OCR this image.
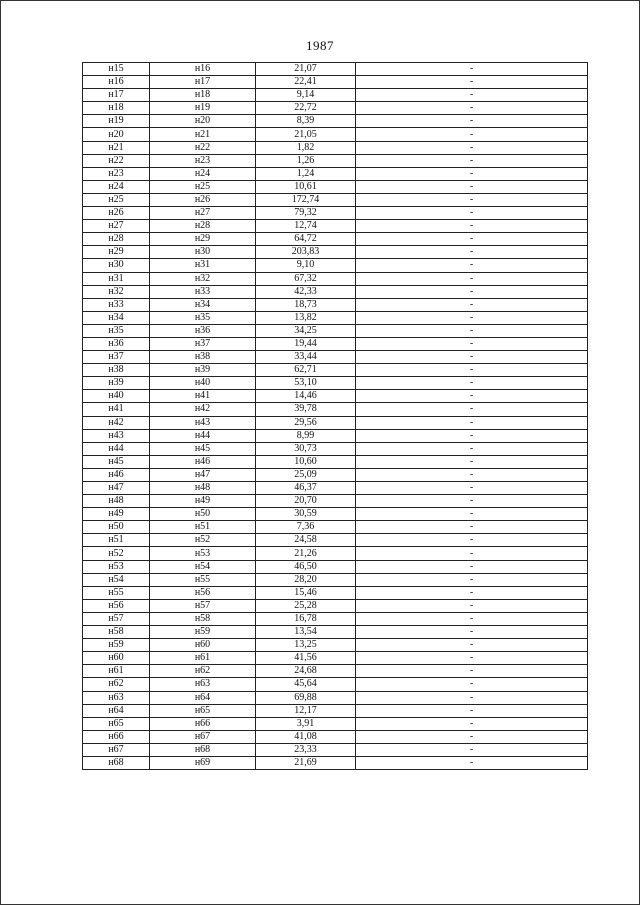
1987
н15	н16	21,07	-
н16	н17	22,41	-
н17	н18	9,14	-
н18	н19	22,72	-
н19	н20	8,39	-
н20	н21	21,05	-
н21	н22	1,82	-
н22	н23	1,26	-
н23	н24	1,24	-
н24	н25	10,61	-
н25	н26	172,74	-
н26	н27	79,32	-
н27	н28	12,74	-
н28	н29	64,72	-
н29	н30	203,83	-
н30	н31	9,10	-
н31	н32	67,32	-
н32	н33	42,33	-
н33	н34	18,73	-
н34	н35	13,82	-
н35	н36	34,25	-
н36	н37	19,44	-
н37	н38	33,44	-
н38	н39	62,71	-
н39	н40	53,10	-
н40	н41	14,46	-
н41	н42	39,78	-
н42	н43	29,56	-
н43	н44	8,99	-
н44	н45	30,73	-
н45	н46	10,60	-
н46	н47	25,09	-
н47	н48	46,37	-
н48	н49	20,70	-
н49	н50	30,59	-
н50	н51	7,36	-
н51	н52	24,58	-
н52	н53	21,26	-
н53	н54	46,50	-
н54	н55	28,20	-
н55	н56	15,46	-
н56	н57	25,28	-
н57	н58	16,78	-
н58	н59	13,54	-
н59	н60	13,25	-
н60	н61	41,56	-
н61	н62	24,68	-
н62	н63	45,64	-
н63	н64	69,88	-
н64	н65	12,17	-
н65	н66	3,91	-
н66	н67	41,08	-
н67	н68	23,33	-
н68	н69	21,69	-
